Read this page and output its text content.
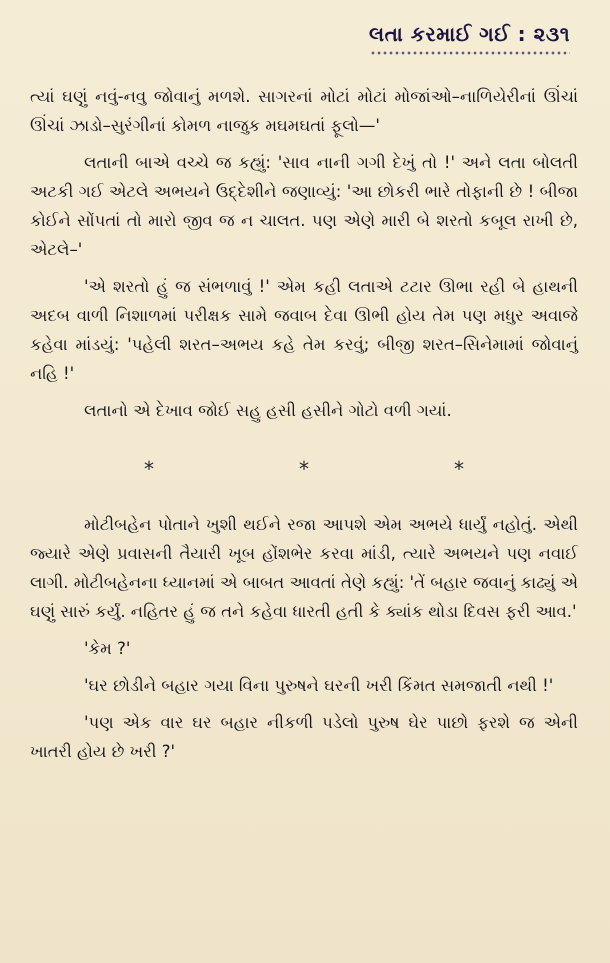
લતા કરમાઈ ગઈ : ૨૩૧

ત્યાં ઘણું નવું-નવુ જોવાનું મળશે. સાગરનાં મોટાં મોટાં મોજાંઓ–નાળિયેરીનાં ઊંચાં ઊંચાં ઝાડો–સુરંગીનાં કોમળ નાજુક મઘમઘતાં ફૂલો—'

લતાની બાએ વચ્ચે જ કહ્યું: 'સાવ નાની ગગી દેખું તો !' અને લતા બોલતી અટકી ગઈ એટલે અભયને ઉદ્દેશીને જણાવ્યું: 'આ છોકરી ભારે તોફાની છે ! બીજા કોઈને સોંપતાં તો મારો જીવ જ ન ચાલત. પણ એણે મારી બે શરતો કબૂલ રાખી છે, એટલે–'

'એ શરતો હું જ સંભળાવું !' એમ કહી લતાએ ટટાર ઊભા રહી બે હાથની અદબ વાળી નિશાળમાં પરીક્ષક સામે જવાબ દેવા ઊભી હોય તેમ પણ મધુર અવાજે કહેવા માંડયું: 'પહેલી શરત–અભય કહે તેમ કરવું; બીજી શરત–સિનેમામાં જોવાનું નહિ !'

લતાનો એ દેખાવ જોઈ સહુ હસી હસીને ગોટો વળી ગયાં.

*	*	*

મોટીબહેન પોતાને ખુશી થઈને રજા આપશે એમ અભયે ધાર્યું નહોતું. એથી જ્યારે એણે પ્રવાસની તૈયારી ખૂબ હોંશભેર કરવા માંડી, ત્યારે અભયને પણ નવાઈ લાગી. મોટીબહેનના ધ્યાનમાં એ બાબત આવતાં તેણે કહ્યું: 'તેં બહાર જવાનું કાઢ્યું એ ઘણું સારું કર્યું. નહિતર હું જ તને કહેવા ધારતી હતી કે ક્યાંક થોડા દિવસ ફરી આવ.'

'કેમ ?'

'ઘર છોડીને બહાર ગયા વિના પુરુષને ઘરની ખરી કિંમત સમજાતી નથી !'

'પણ એક વાર ઘર બહાર નીકળી પડેલો પુરુષ ઘેર પાછો ફરશે જ એની ખાતરી હોય છે ખરી ?'
